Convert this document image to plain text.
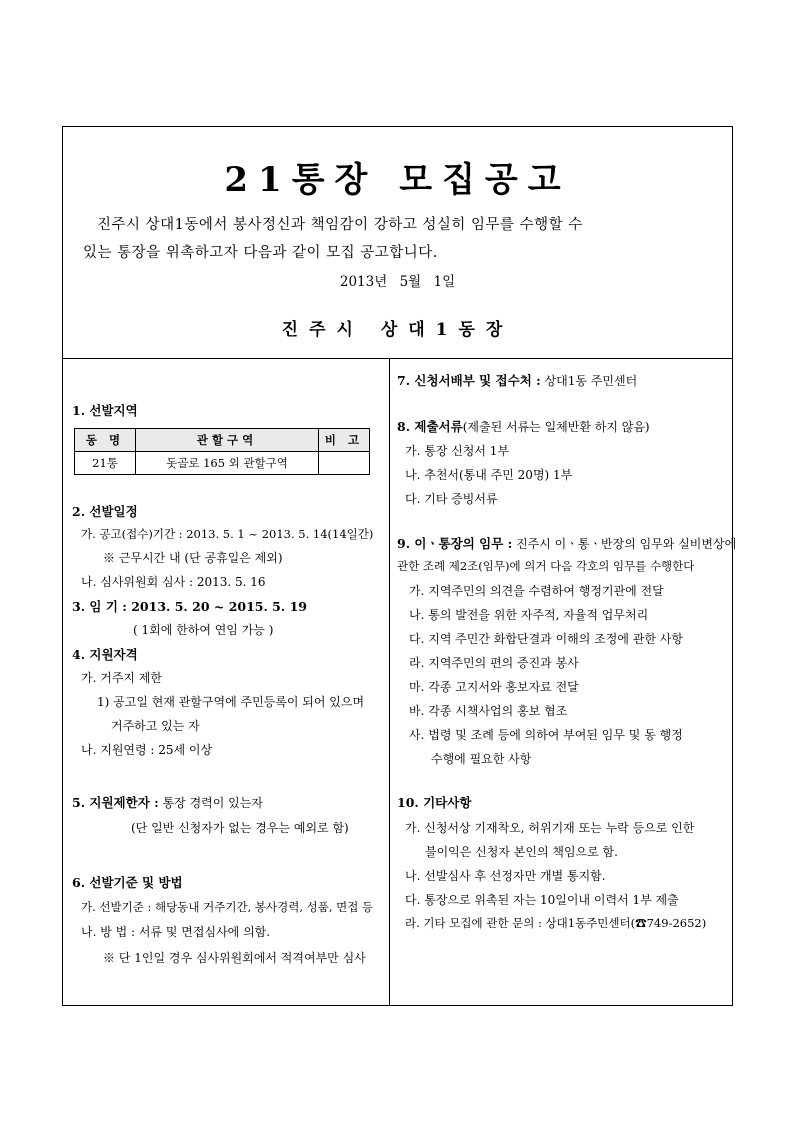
21통장 모집공고
진주시 상대1동에서 봉사정신과 책임감이 강하고 성실히 임무를 수행할 수
있는 통장을 위촉하고자 다음과 같이 모집 공고합니다.
2013년 5월 1일
진주시 상대1동장
1. 선발지역
동 명	관할구역	비 고
21통	돗골로 165 외 관할구역	
2. 선발일정
가. 공고(접수)기간 : 2013. 5. 1 ~ 2013. 5. 14(14일간)
※ 근무시간 내 (단 공휴일은 제외)
나. 심사위원회 심사 : 2013. 5. 16
3. 임 기 : 2013. 5. 20 ~ 2015. 5. 19
( 1회에 한하여 연임 가능 )
4. 지원자격
가. 거주지 제한
1) 공고일 현재 관할구역에 주민등록이 되어 있으며
거주하고 있는 자
나. 지원연령 : 25세 이상
5. 지원제한자 : 통장 경력이 있는자
(단 일반 신청자가 없는 경우는 예외로 함)
6. 선발기준 및 방법
가. 선발기준 : 해당동내 거주기간, 봉사경력, 성품, 면접 등
나. 방 법 : 서류 및 면접심사에 의함.
※ 단 1인일 경우 심사위원회에서 적격여부만 심사
7. 신청서배부 및 접수처 : 상대1동 주민센터
8. 제출서류(제출된 서류는 일체반환 하지 않음)
가. 통장 신청서 1부
나. 추천서(통내 주민 20명) 1부
다. 기타 증빙서류
9. 이ㆍ통장의 임무 : 진주시 이ㆍ통ㆍ반장의 임무와 실비변상에
관한 조례 제2조(임무)에 의거 다음 각호의 임무를 수행한다
가. 지역주민의 의견을 수렴하여 행정기관에 전달
나. 통의 발전을 위한 자주적, 자율적 업무처리
다. 지역 주민간 화합단결과 이해의 조정에 관한 사항
라. 지역주민의 편의 증진과 봉사
마. 각종 고지서와 홍보자료 전달
바. 각종 시책사업의 홍보 협조
사. 법령 및 조례 등에 의하여 부여된 임무 및 동 행정
수행에 필요한 사항
10. 기타사항
가. 신청서상 기재착오, 허위기재 또는 누락 등으로 인한
불이익은 신청자 본인의 책임으로 함.
나. 선발심사 후 선정자만 개별 통지함.
다. 통장으로 위촉된 자는 10일이내 이력서 1부 제출
라. 기타 모집에 관한 문의 : 상대1동주민센터(☎749-2652)
